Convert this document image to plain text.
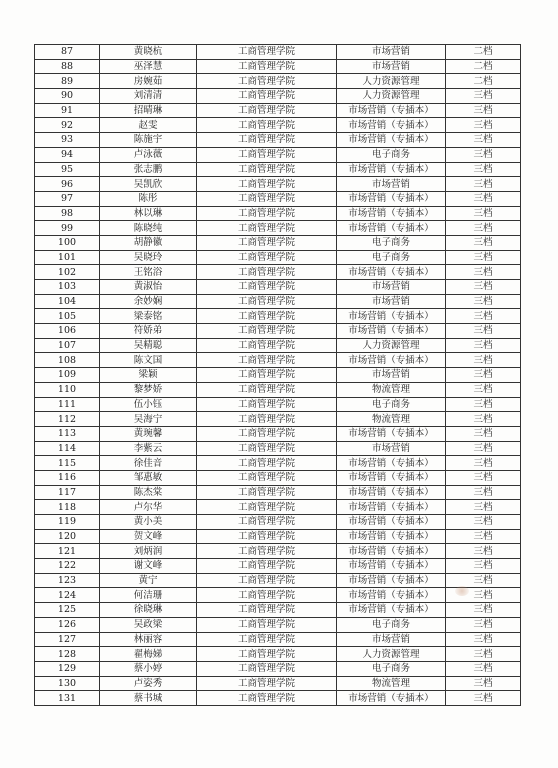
87	黄晓杭	工商管理学院	市场营销	二档
88	巫泽慧	工商管理学院	市场营销	二档
89	房婉茹	工商管理学院	人力资源管理	二档
90	刘清清	工商管理学院	人力资源管理	三档
91	招晴琳	工商管理学院	市场营销（专插本）	三档
92	赵雯	工商管理学院	市场营销（专插本）	三档
93	陈施宇	工商管理学院	市场营销（专插本）	三档
94	卢泳薇	工商管理学院	电子商务	三档
95	张志鹏	工商管理学院	市场营销（专插本）	三档
96	吴凯欣	工商管理学院	市场营销	三档
97	陈彤	工商管理学院	市场营销（专插本）	三档
98	林以琳	工商管理学院	市场营销（专插本）	三档
99	陈晓纯	工商管理学院	市场营销（专插本）	三档
100	胡静徽	工商管理学院	电子商务	三档
101	吴晓玲	工商管理学院	电子商务	三档
102	王铭浴	工商管理学院	市场营销（专插本）	三档
103	黄淑怡	工商管理学院	市场营销	三档
104	余妙娴	工商管理学院	市场营销	三档
105	梁泰铭	工商管理学院	市场营销（专插本）	三档
106	符娇弟	工商管理学院	市场营销（专插本）	三档
107	吴精聪	工商管理学院	人力资源管理	三档
108	陈文国	工商管理学院	市场营销（专插本）	三档
109	梁颖	工商管理学院	市场营销	三档
110	黎梦娇	工商管理学院	物流管理	三档
111	伍小钰	工商管理学院	电子商务	三档
112	吴海宁	工商管理学院	物流管理	三档
113	黄琬馨	工商管理学院	市场营销（专插本）	三档
114	李紫云	工商管理学院	市场营销	三档
115	徐佳音	工商管理学院	市场营销（专插本）	三档
116	邹惠敏	工商管理学院	市场营销（专插本）	三档
117	陈杰棠	工商管理学院	市场营销（专插本）	三档
118	卢尔华	工商管理学院	市场营销（专插本）	三档
119	黄小美	工商管理学院	市场营销（专插本）	三档
120	贺文峰	工商管理学院	市场营销（专插本）	三档
121	刘炳润	工商管理学院	市场营销（专插本）	三档
122	谢文峰	工商管理学院	市场营销（专插本）	三档
123	黄宁	工商管理学院	市场营销（专插本）	三档
124	何洁珊	工商管理学院	市场营销（专插本）	三档
125	徐晓琳	工商管理学院	市场营销（专插本）	三档
126	吴政梁	工商管理学院	电子商务	三档
127	林丽容	工商管理学院	市场营销	三档
128	翟梅娣	工商管理学院	人力资源管理	三档
129	蔡小婷	工商管理学院	电子商务	三档
130	卢姿秀	工商管理学院	物流管理	三档
131	蔡书城	工商管理学院	市场营销（专插本）	三档
